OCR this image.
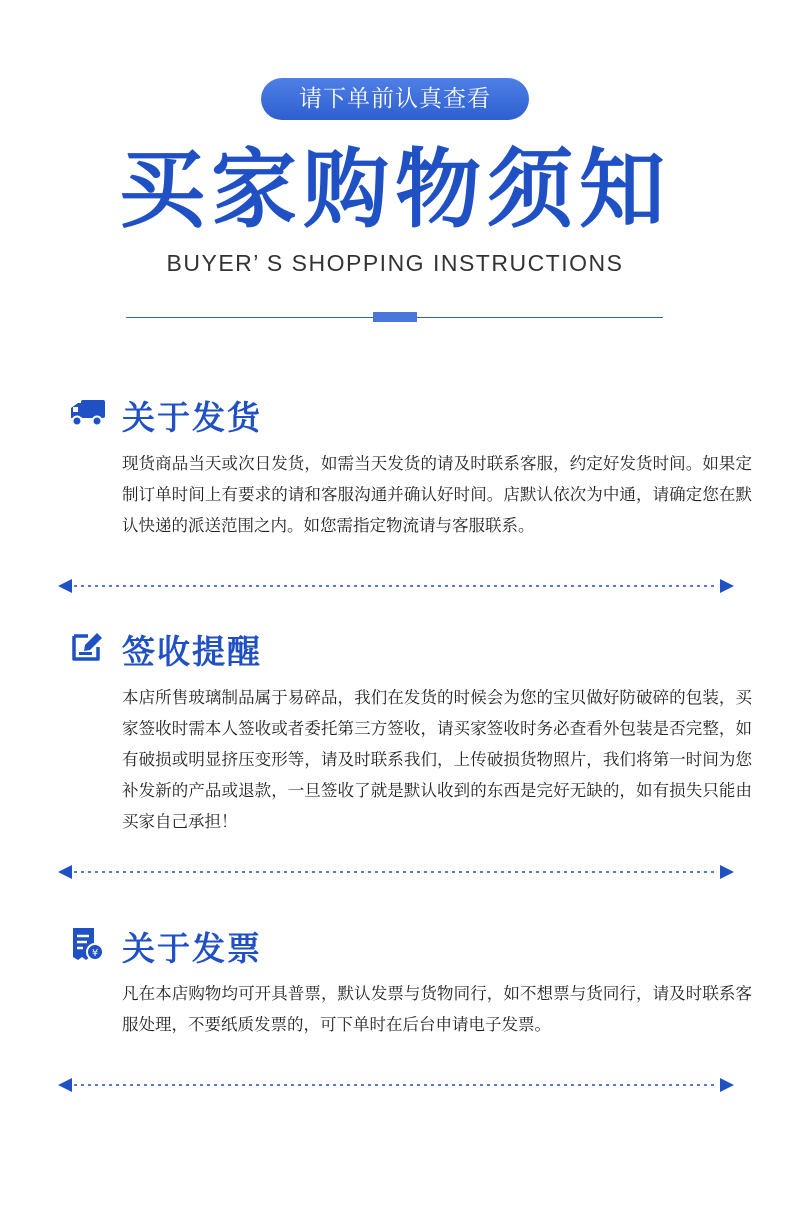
请下单前认真查看
买家购物须知
BUYER’ S SHOPPING INSTRUCTIONS
关于发货
现货商品当天或次日发货，如需当天发货的请及时联系客服，约定好发货时间。如果定制订单时间上有要求的请和客服沟通并确认好时间。店默认依次为中通，请确定您在默认快递的派送范围之内。如您需指定物流请与客服联系。
签收提醒
本店所售玻璃制品属于易碎品，我们在发货的时候会为您的宝贝做好防破碎的包装，买家签收时需本人签收或者委托第三方签收，请买家签收时务必查看外包装是否完整，如有破损或明显挤压变形等，请及时联系我们，上传破损货物照片，我们将第一时间为您补发新的产品或退款，一旦签收了就是默认收到的东西是完好无缺的，如有损失只能由买家自己承担！
¥ 关于发票
凡在本店购物均可开具普票，默认发票与货物同行，如不想票与货同行，请及时联系客服处理，不要纸质发票的，可下单时在后台申请电子发票。
